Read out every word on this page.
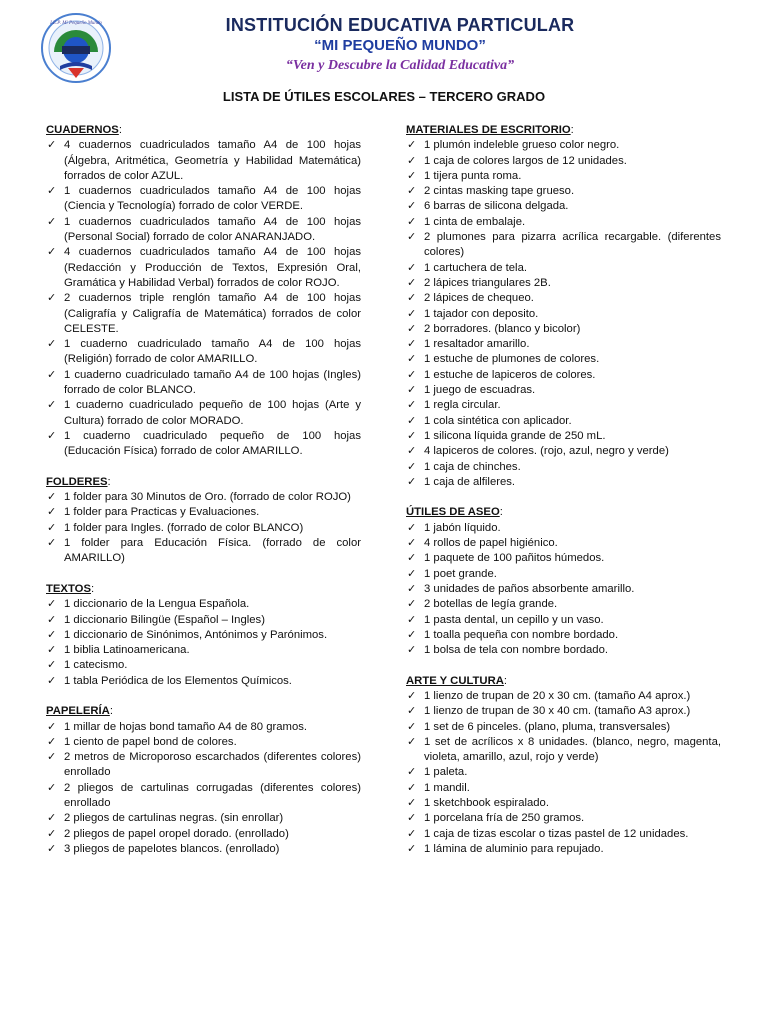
I.E.P. Mi Pequeño Mundo	INSTITUCIÓN EDUCATIVA PARTICULAR
“MI PEQUEÑO MUNDO”
“Ven y Descubre la Calidad Educativa”
LISTA DE ÚTILES ESCOLARES – TERCERO GRADO
CUADERNOS:
✓ 4 cuadernos cuadriculados tamaño A4 de 100 hojas (Álgebra, Aritmética, Geometría y Habilidad Matemática) forrados de color AZUL.
✓ 1 cuadernos cuadriculados tamaño A4 de 100 hojas (Ciencia y Tecnología) forrado de color VERDE.
✓ 1 cuadernos cuadriculados tamaño A4 de 100 hojas (Personal Social) forrado de color ANARANJADO.
✓ 4 cuadernos cuadriculados tamaño A4 de 100 hojas (Redacción y Producción de Textos, Expresión Oral, Gramática y Habilidad Verbal) forrados de color ROJO.
✓ 2 cuadernos triple renglón tamaño A4 de 100 hojas (Caligrafía y Caligrafía de Matemática) forrados de color CELESTE.
✓ 1 cuaderno cuadriculado tamaño A4 de 100 hojas (Religión) forrado de color AMARILLO.
✓ 1 cuaderno cuadriculado tamaño A4 de 100 hojas (Ingles) forrado de color BLANCO.
✓ 1 cuaderno cuadriculado pequeño de 100 hojas (Arte y Cultura) forrado de color MORADO.
✓ 1 cuaderno cuadriculado pequeño de 100 hojas (Educación Física) forrado de color AMARILLO.
FOLDERES:
✓ 1 folder para 30 Minutos de Oro. (forrado de color ROJO)
✓ 1 folder para Practicas y Evaluaciones.
✓ 1 folder para Ingles. (forrado de color BLANCO)
✓ 1 folder para Educación Física. (forrado de color AMARILLO)
TEXTOS:
✓ 1 diccionario de la Lengua Española.
✓ 1 diccionario Bilingüe (Español – Ingles)
✓ 1 diccionario de Sinónimos, Antónimos y Parónimos.
✓ 1 biblia Latinoamericana.
✓ 1 catecismo.
✓ 1 tabla Periódica de los Elementos Químicos.
PAPELERÍA:
✓ 1 millar de hojas bond tamaño A4 de 80 gramos.
✓ 1 ciento de papel bond de colores.
✓ 2 metros de Microporoso escarchados (diferentes colores) enrollado
✓ 2 pliegos de cartulinas corrugadas (diferentes colores) enrollado
✓ 2 pliegos de cartulinas negras. (sin enrollar)
✓ 2 pliegos de papel oropel dorado. (enrollado)
✓ 3 pliegos de papelotes blancos. (enrollado)
MATERIALES DE ESCRITORIO:
✓ 1 plumón indeleble grueso color negro.
✓ 1 caja de colores largos de 12 unidades.
✓ 1 tijera punta roma.
✓ 2 cintas masking tape grueso.
✓ 6 barras de silicona delgada.
✓ 1 cinta de embalaje.
✓ 2 plumones para pizarra acrílica recargable. (diferentes colores)
✓ 1 cartuchera de tela.
✓ 2 lápices triangulares 2B.
✓ 2 lápices de chequeo.
✓ 1 tajador con deposito.
✓ 2 borradores. (blanco y bicolor)
✓ 1 resaltador amarillo.
✓ 1 estuche de plumones de colores.
✓ 1 estuche de lapiceros de colores.
✓ 1 juego de escuadras.
✓ 1 regla circular.
✓ 1 cola sintética con aplicador.
✓ 1 silicona líquida grande de 250 mL.
✓ 4 lapiceros de colores. (rojo, azul, negro y verde)
✓ 1 caja de chinches.
✓ 1 caja de alfileres.
ÚTILES DE ASEO:
✓ 1 jabón líquido.
✓ 4 rollos de papel higiénico.
✓ 1 paquete de 100 pañitos húmedos.
✓ 1 poet grande.
✓ 3 unidades de paños absorbente amarillo.
✓ 2 botellas de legía grande.
✓ 1 pasta dental, un cepillo y un vaso.
✓ 1 toalla pequeña con nombre bordado.
✓ 1 bolsa de tela con nombre bordado.
ARTE Y CULTURA:
✓ 1 lienzo de trupan de 20 x 30 cm. (tamaño A4 aprox.)
✓ 1 lienzo de trupan de 30 x 40 cm. (tamaño A3 aprox.)
✓ 1 set de 6 pinceles. (plano, pluma, transversales)
✓ 1 set de acrílicos x 8 unidades. (blanco, negro, magenta, violeta, amarillo, azul, rojo y verde)
✓ 1 paleta.
✓ 1 mandil.
✓ 1 sketchbook espiralado.
✓ 1 porcelana fría de 250 gramos.
✓ 1 caja de tizas escolar o tizas pastel de 12 unidades.
✓ 1 lámina de aluminio para repujado.
